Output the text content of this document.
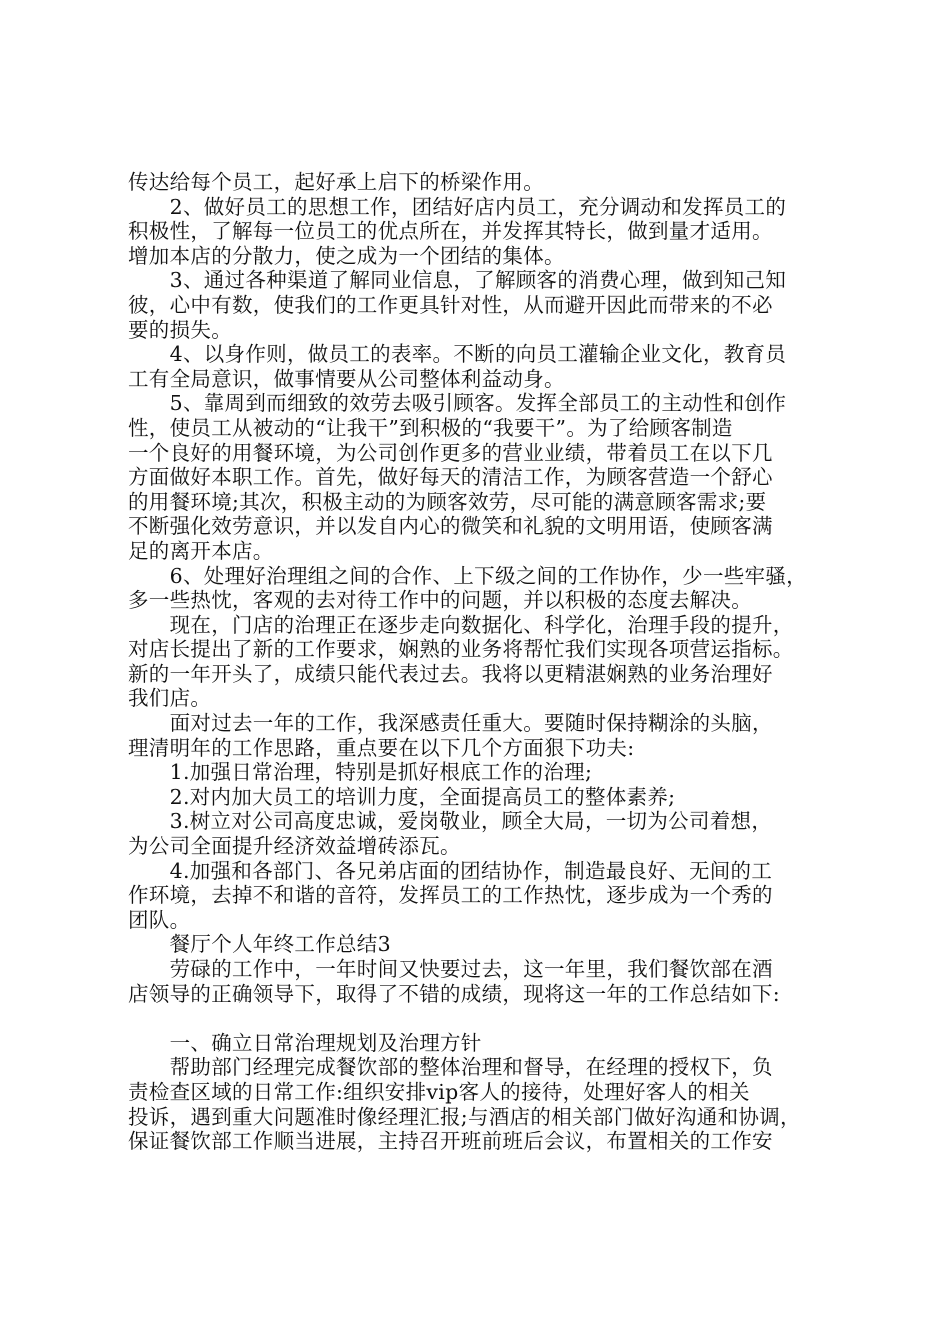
传达给每个员工，起好承上启下的桥梁作用。
　　2、做好员工的思想工作，团结好店内员工，充分调动和发挥员工的
积极性，了解每一位员工的优点所在，并发挥其特长，做到量才适用。
增加本店的分散力，使之成为一个团结的集体。
　　3、通过各种渠道了解同业信息，了解顾客的消费心理，做到知己知
彼，心中有数，使我们的工作更具针对性，从而避开因此而带来的不必
要的损失。
　　4、以身作则，做员工的表率。不断的向员工灌输企业文化，教育员
工有全局意识，做事情要从公司整体利益动身。
　　5、靠周到而细致的效劳去吸引顾客。发挥全部员工的主动性和创作
性，使员工从被动的“让我干”到积极的“我要干”。为了给顾客制造
一个良好的用餐环境，为公司创作更多的营业业绩，带着员工在以下几
方面做好本职工作。首先，做好每天的清洁工作，为顾客营造一个舒心
的用餐环境;其次，积极主动的为顾客效劳，尽可能的满意顾客需求;要
不断强化效劳意识，并以发自内心的微笑和礼貌的文明用语，使顾客满
足的离开本店。
　　6、处理好治理组之间的合作、上下级之间的工作协作，少一些牢骚，
多一些热忱，客观的去对待工作中的问题，并以积极的态度去解决。
　　现在，门店的治理正在逐步走向数据化、科学化，治理手段的提升，
对店长提出了新的工作要求，娴熟的业务将帮忙我们实现各项营运指标。
新的一年开头了，成绩只能代表过去。我将以更精湛娴熟的业务治理好
我们店。
　　面对过去一年的工作，我深感责任重大。要随时保持糊涂的头脑，
理清明年的工作思路，重点要在以下几个方面狠下功夫:
　　1.加强日常治理，特别是抓好根底工作的治理;
　　2.对内加大员工的培训力度，全面提高员工的整体素养;
　　3.树立对公司高度忠诚，爱岗敬业，顾全大局，一切为公司着想，
为公司全面提升经济效益增砖添瓦。
　　4.加强和各部门、各兄弟店面的团结协作，制造最良好、无间的工
作环境，去掉不和谐的音符，发挥员工的工作热忱，逐步成为一个秀的
团队。
　　餐厅个人年终工作总结3
　　劳碌的工作中，一年时间又快要过去，这一年里，我们餐饮部在酒
店领导的正确领导下，取得了不错的成绩，现将这一年的工作总结如下:
　　一、确立日常治理规划及治理方针
　　帮助部门经理完成餐饮部的整体治理和督导，在经理的授权下，负
责检查区域的日常工作:组织安排vip客人的接待，处理好客人的相关
投诉，遇到重大问题准时像经理汇报;与酒店的相关部门做好沟通和协调，
保证餐饮部工作顺当进展，主持召开班前班后会议，布置相关的工作安
